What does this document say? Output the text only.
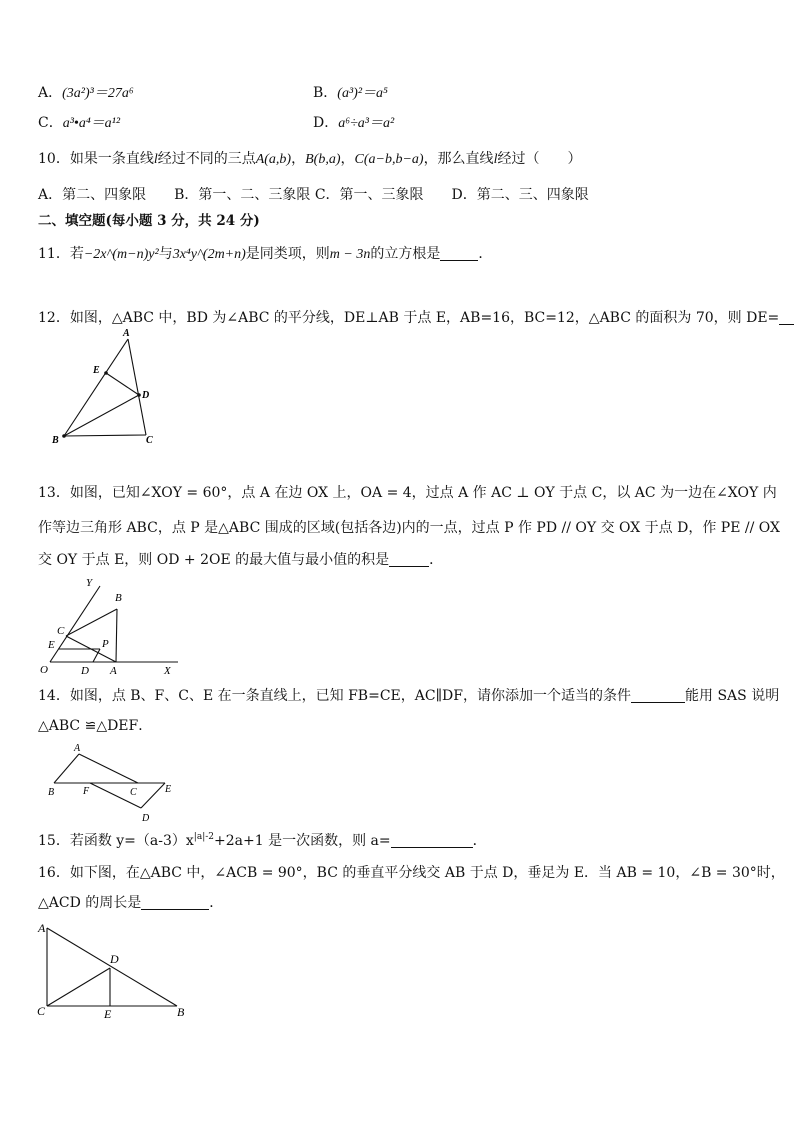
A．(3a²)³＝27a⁶	B．(a³)²＝a⁵
C．a³•a⁴＝a¹²	D．a⁶÷a³＝a²
10．如果一条直线l经过不同的三点A(a,b)，B(b,a)，C(a−b,b−a)，那么直线l经过（　　）
A．第二、四象限　　B．第一、二、三象限 C．第一、三象限　　D．第二、三、四象限
二、填空题(每小题 3 分，共 24 分)
11．若−2x^(m−n)y²与3x⁴y^(2m+n)是同类项，则m − 3n的立方根是	．
12．如图，△ABC 中，BD 为∠ABC 的平分线，DE⊥AB 于点 E，AB=16，BC=12，△ABC 的面积为 70，则 DE=
A
E
D
B	C
13．如图，已知∠XOY = 60°，点 A 在边 OX 上，OA = 4，过点 A 作 AC ⊥ OY 于点 C，以 AC 为一边在∠XOY 内
作等边三角形 ABC，点 P 是△ABC 围成的区域(包括各边)内的一点，过点 P 作 PD // OY 交 OX 于点 D，作 PE // OX
交 OY 于点 E，则 OD + 2OE 的最大值与最小值的积是	．
Y
B
C
E	P
O	D A	X
14．如图，点 B、F、C、E 在一条直线上，已知 FB=CE，AC∥DF，请你添加一个适当的条件	能用 SAS 说明
△ABC ≌△DEF．
A
B	F	C	E
D
15．若函数 $y=(a-3)x^{|a|-2}+2a+1$ 是一次函数，则 a=	．
16．如下图，在△ABC 中，∠ACB = 90°，BC 的垂直平分线交 AB 于点 D，垂足为 E．当 AB = 10，∠B = 30°时，
△ACD 的周长是	．
A
D
C	E	B
